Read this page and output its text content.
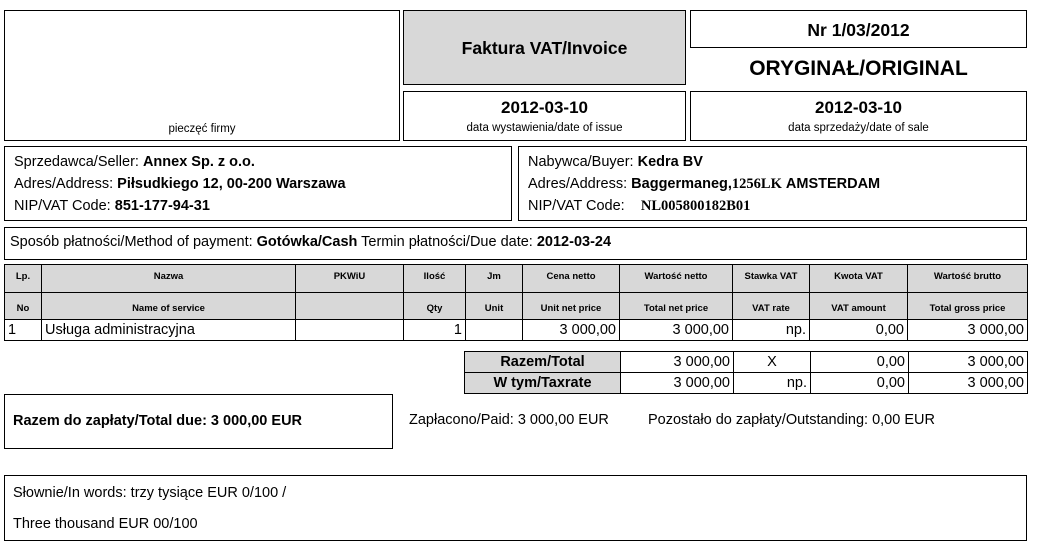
pieczęć firmy
Faktura VAT/Invoice
Nr 1/03/2012
ORYGINAŁ/ORIGINAL
2012-03-10
data wystawienia/date of issue
2012-03-10
data sprzedaży/date of sale
Sprzedawca/Seller: Annex Sp. z o.o.
Adres/Address: Piłsudkiego 12, 00-200 Warszawa
NIP/VAT Code: 851-177-94-31
Nabywca/Buyer: Kedra BV
Adres/Address: Baggermaneg,1256LK AMSTERDAM
NIP/VAT Code: NL005800182B01
Sposób płatności/Method of payment: Gotówka/Cash Termin płatności/Due date: 2012-03-24
Lp.	Nazwa	PKWiU	Ilość	Jm	Cena netto	Wartość netto	Stawka VAT	Kwota VAT	Wartość brutto
No	Name of service		Qty	Unit	Unit net price	Total net price	VAT rate	VAT amount	Total gross price
1	Usługa administracyjna		1		3 000,00	3 000,00	np.	0,00	3 000,00
Razem/Total	3 000,00	X	0,00	3 000,00
W tym/Taxrate	3 000,00	np.	0,00	3 000,00
Razem do zapłaty/Total due: 3 000,00 EUR	Zapłacono/Paid: 3 000,00 EUR	Pozostało do zapłaty/Outstanding: 0,00 EUR
Słownie/In words: trzy tysiące EUR 0/100 /
Three thousand EUR 00/100
